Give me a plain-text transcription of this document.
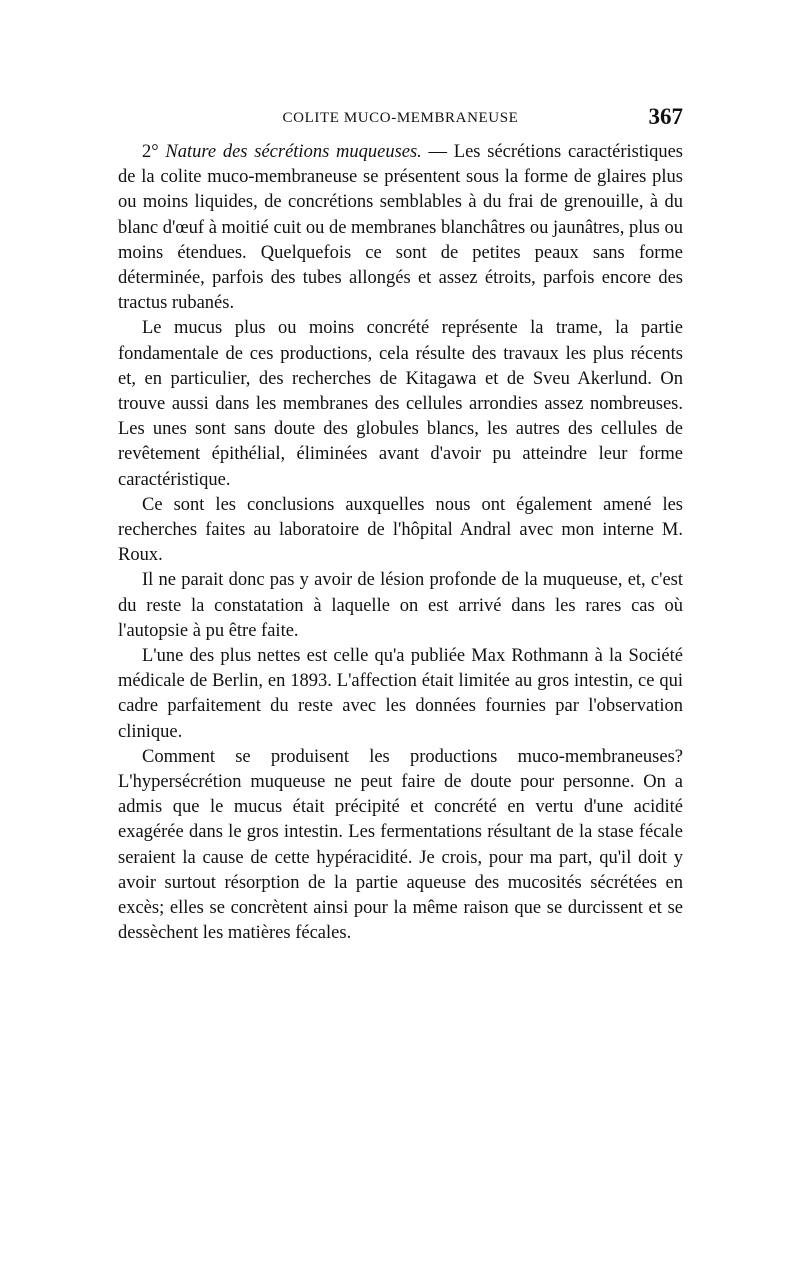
COLITE MUCO-MEMBRANEUSE	367

2° Nature des sécrétions muqueuses. — Les sécrétions caractéristiques de la colite muco-membraneuse se présentent sous la forme de glaires plus ou moins liquides, de concrétions semblables à du frai de grenouille, à du blanc d'œuf à moitié cuit ou de membranes blanchâtres ou jaunâtres, plus ou moins étendues. Quelquefois ce sont de petites peaux sans forme déterminée, parfois des tubes allongés et assez étroits, parfois encore des tractus rubanés.

Le mucus plus ou moins concrété représente la trame, la partie fondamentale de ces productions, cela résulte des travaux les plus récents et, en particulier, des recherches de Kitagawa et de Sveu Akerlund. On trouve aussi dans les membranes des cellules arrondies assez nombreuses. Les unes sont sans doute des globules blancs, les autres des cellules de revêtement épithélial, éliminées avant d'avoir pu atteindre leur forme caractéristique.

Ce sont les conclusions auxquelles nous ont également amené les recherches faites au laboratoire de l'hôpital Andral avec mon interne M. Roux.

Il ne parait donc pas y avoir de lésion profonde de la muqueuse, et, c'est du reste la constatation à laquelle on est arrivé dans les rares cas où l'autopsie à pu être faite.

L'une des plus nettes est celle qu'a publiée Max Rothmann à la Société médicale de Berlin, en 1893. L'affection était limitée au gros intestin, ce qui cadre parfaitement du reste avec les données fournies par l'observation clinique.

Comment se produisent les productions muco-membraneuses? L'hypersécrétion muqueuse ne peut faire de doute pour personne. On a admis que le mucus était précipité et concrété en vertu d'une acidité exagérée dans le gros intestin. Les fermentations résultant de la stase fécale seraient la cause de cette hypéracidité. Je crois, pour ma part, qu'il doit y avoir surtout résorption de la partie aqueuse des mucosités sécrétées en excès; elles se concrètent ainsi pour la même raison que se durcissent et se dessèchent les matières fécales.
